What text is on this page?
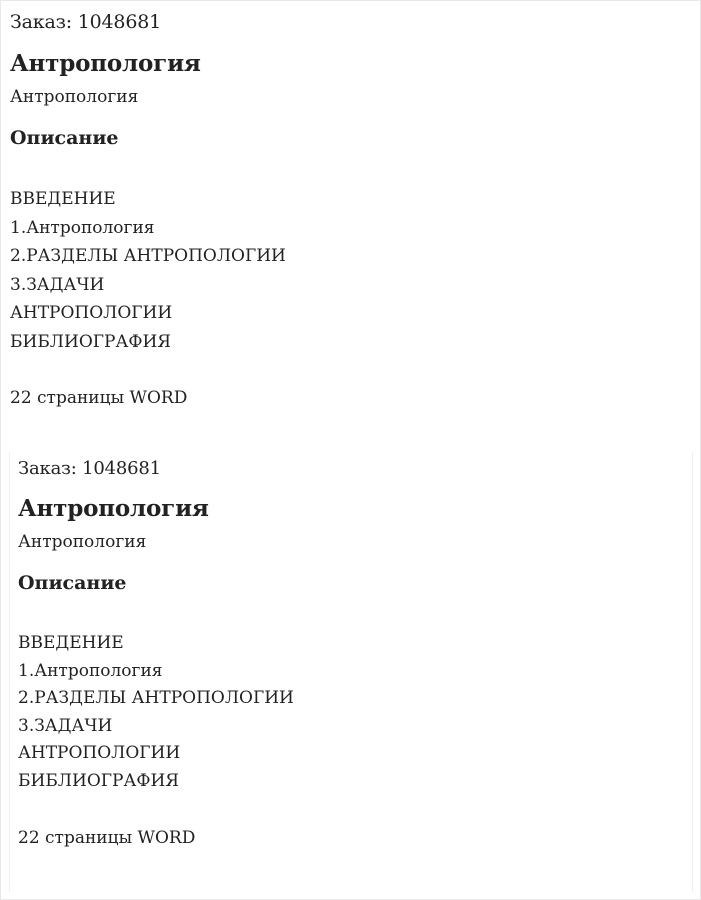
Заказ: 1048681
Антропология

Антропология

Описание
ВВЕДЕНИЕ
1.Антропология
2.РАЗДЕЛЫ АНТРОПОЛОГИИ
3.ЗАДАЧИ
АНТРОПОЛОГИИ
БИБЛИОГРАФИЯ

22 страницы WORD

Заказ: 1048681
Антропология

Антропология

Описание
ВВЕДЕНИЕ
1.Антропология
2.РАЗДЕЛЫ АНТРОПОЛОГИИ
3.ЗАДАЧИ
АНТРОПОЛОГИИ
БИБЛИОГРАФИЯ

22 страницы WORD
